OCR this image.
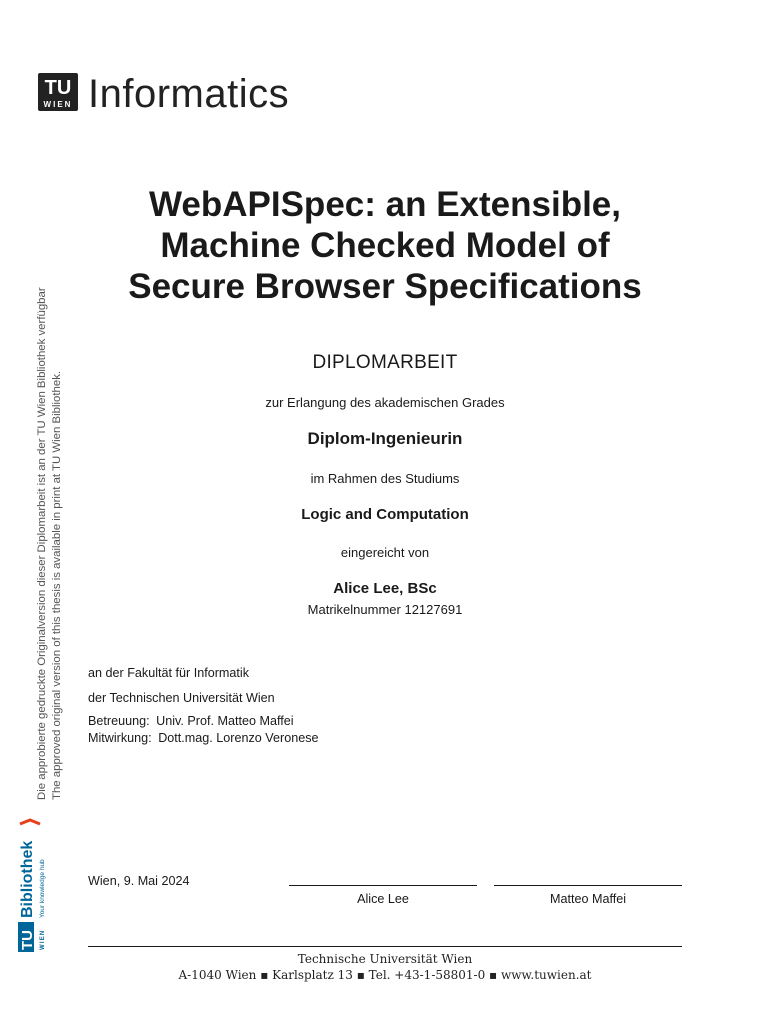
TU
WIEN Informatics
Die approbierte gedruckte Originalversion dieser Diplomarbeit ist an der TU Wien Bibliothek verfügbar The approved original version of this thesis is available in print at TU Wien Bibliothek.
TU WIEN
Bibliothek Your knowledge hub
WebAPISpec: an Extensible,
Machine Checked Model of
Secure Browser Specifications
DIPLOMARBEIT
zur Erlangung des akademischen Grades
Diplom-Ingenieurin
im Rahmen des Studiums
Logic and Computation
eingereicht von
Alice Lee, BSc
Matrikelnummer 12127691
an der Fakultät für Informatik
der Technischen Universität Wien
Betreuung: Univ. Prof. Matteo Maffei
Mitwirkung: Dott.mag. Lorenzo Veronese
Wien, 9. Mai 2024
Alice Lee	Matteo Maffei
Technische Universität Wien
A-1040 Wien ▪ Karlsplatz 13 ▪ Tel. +43-1-58801-0 ▪ www.tuwien.at
